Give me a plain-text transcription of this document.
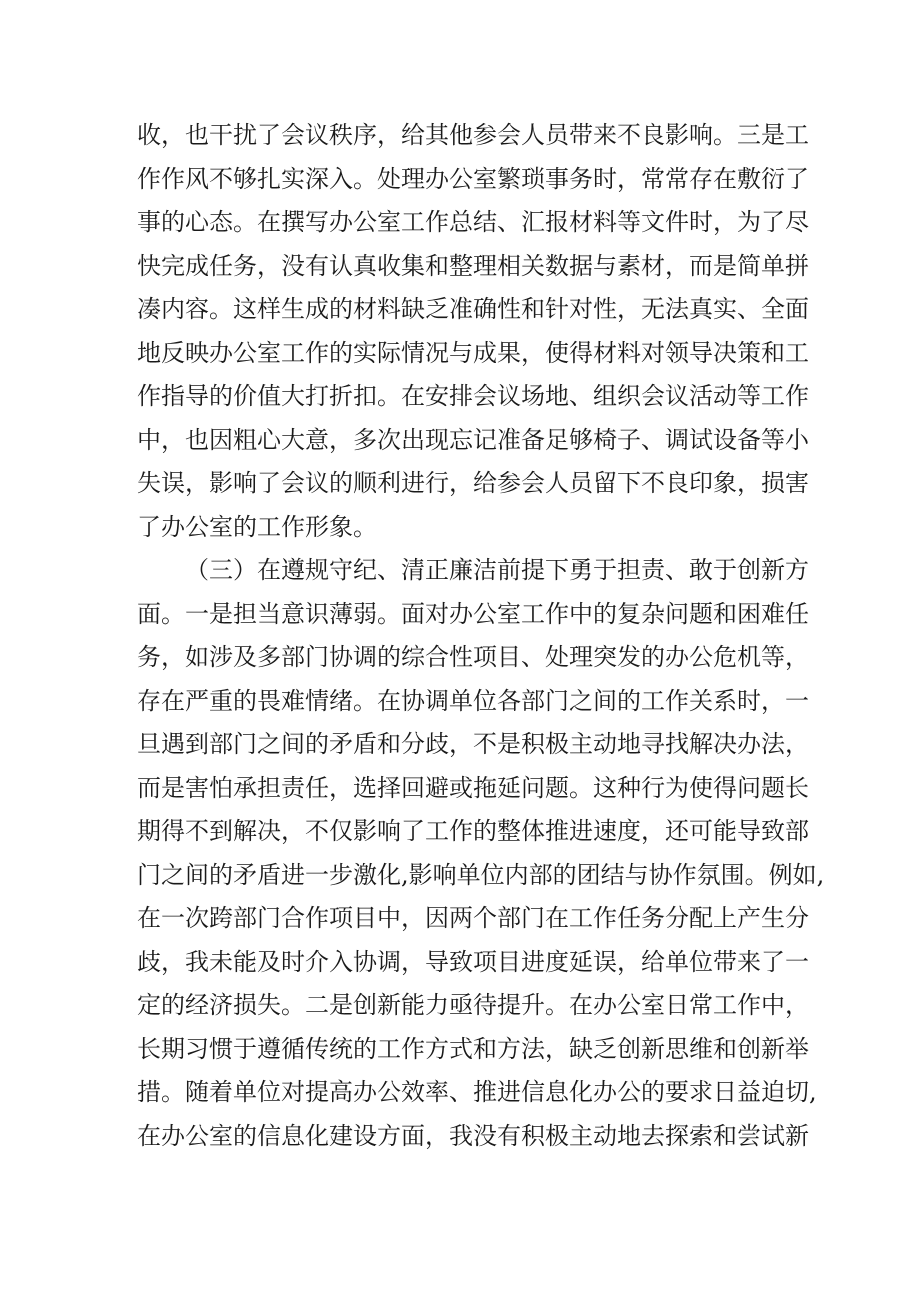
收，也干扰了会议秩序，给其他参会人员带来不良影响。三是工
作作风不够扎实深入。处理办公室繁琐事务时，常常存在敷衍了
事的心态。在撰写办公室工作总结、汇报材料等文件时，为了尽
快完成任务，没有认真收集和整理相关数据与素材，而是简单拼
凑内容。这样生成的材料缺乏准确性和针对性，无法真实、全面
地反映办公室工作的实际情况与成果，使得材料对领导决策和工
作指导的价值大打折扣。在安排会议场地、组织会议活动等工作
中，也因粗心大意，多次出现忘记准备足够椅子、调试设备等小
失误，影响了会议的顺利进行，给参会人员留下不良印象，损害
了办公室的工作形象。
（三）在遵规守纪、清正廉洁前提下勇于担责、敢于创新方
面。一是担当意识薄弱。面对办公室工作中的复杂问题和困难任
务，如涉及多部门协调的综合性项目、处理突发的办公危机等，
存在严重的畏难情绪。在协调单位各部门之间的工作关系时，一
旦遇到部门之间的矛盾和分歧，不是积极主动地寻找解决办法，
而是害怕承担责任，选择回避或拖延问题。这种行为使得问题长
期得不到解决，不仅影响了工作的整体推进速度，还可能导致部
门之间的矛盾进一步激化,影响单位内部的团结与协作氛围。例如,
在一次跨部门合作项目中，因两个部门在工作任务分配上产生分
歧，我未能及时介入协调，导致项目进度延误，给单位带来了一
定的经济损失。二是创新能力亟待提升。在办公室日常工作中，
长期习惯于遵循传统的工作方式和方法，缺乏创新思维和创新举
措。随着单位对提高办公效率、推进信息化办公的要求日益迫切,
在办公室的信息化建设方面，我没有积极主动地去探索和尝试新
